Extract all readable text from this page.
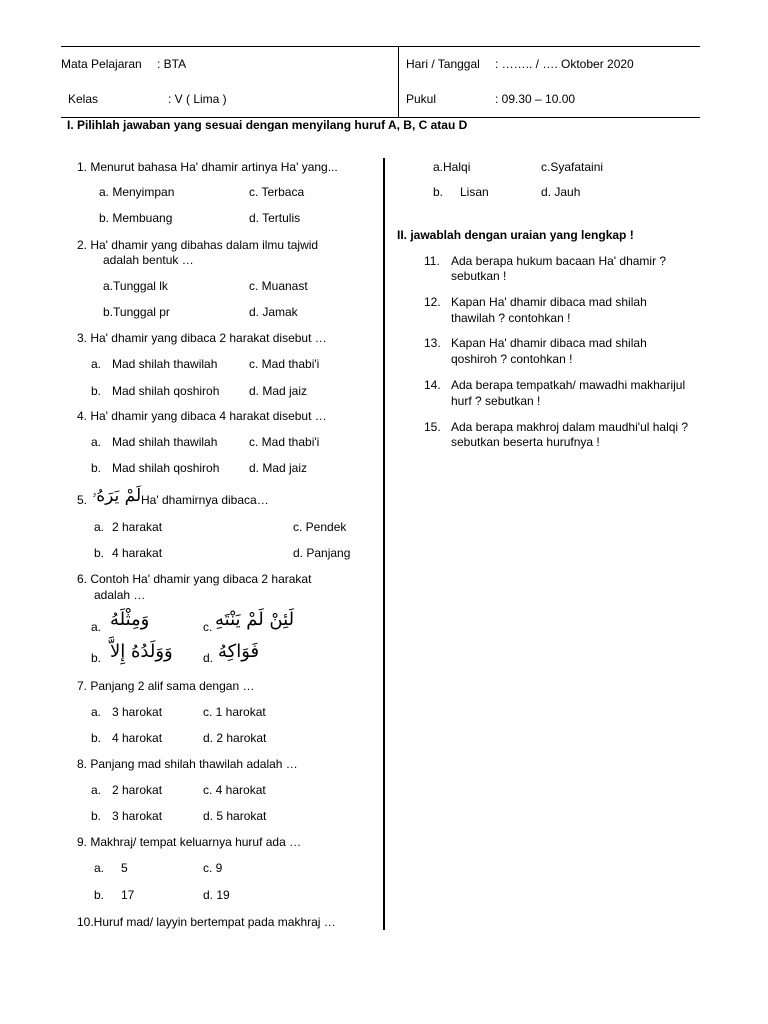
Mata Pelajaran : BTA
Kelas	: V ( Lima )
Hari / Tanggal : …….. / …. Oktober 2020
Pukul	: 09.30 – 10.00
I. Pilihlah jawaban yang sesuai dengan menyilang huruf A, B, C atau D
1. Menurut bahasa Ha' dhamir artinya Ha' yang...
a. Menyimpan	c. Terbaca
b. Membuang	d. Tertulis
2. Ha' dhamir yang dibahas dalam ilmu tajwid
adalah bentuk …
a.Tunggal lk	c. Muanast
b.Tunggal pr	d. Jamak
3. Ha' dhamir yang dibaca 2 harakat disebut …
a. Mad shilah thawilah	c. Mad thabi'i
b. Mad shilah qoshiroh d. Mad jaiz
4. Ha' dhamir yang dibaca 4 harakat disebut …
a. Mad shilah thawilah	c. Mad thabi'i
b. Mad shilah qoshiroh d. Mad jaiz
5. لَمْ يَرَهُۥ Ha' dhamirnya dibaca…
a. 2 harakat	c. Pendek
b. 4 harakat	d. Panjang
6. Contoh Ha' dhamir yang dibaca 2 harakat
adalah …
a. وَمِثْلَهُ	c. لَئِنْ لَمْ يَنْتَهِ
b. وَوَلَدُهُ إِلاَّ	d. فَوَاكِهُ
7. Panjang 2 alif sama dengan …
a. 3 harokat	c. 1 harokat
b. 4 harokat	d. 2 harokat
8. Panjang mad shilah thawilah adalah …
a. 2 harokat	c. 4 harokat
b. 3 harokat	d. 5 harokat
9. Makhraj/ tempat keluarnya huruf ada …
a. 5	c. 9
b. 17	d. 19
10.Huruf mad/ layyin bertempat pada makhraj …
a.Halqi	c.Syafataini
b. Lisan	d. Jauh
II. jawablah dengan uraian yang lengkap !
11. Ada berapa hukum bacaan Ha' dhamir ?
sebutkan !
12. Kapan Ha' dhamir dibaca mad shilah
thawilah ? contohkan !
13. Kapan Ha' dhamir dibaca mad shilah
qoshiroh ? contohkan !
14. Ada berapa tempatkah/ mawadhi makharijul
hurf ? sebutkan !
15. Ada berapa makhroj dalam maudhi'ul halqi ?
sebutkan beserta hurufnya !
